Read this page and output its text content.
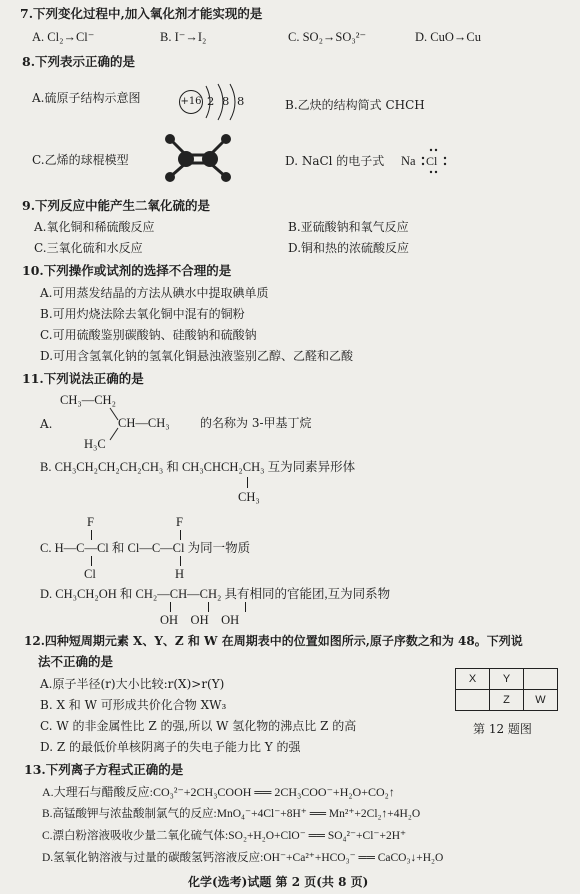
7.下列变化过程中,加入氧化剂才能实现的是
A. Cl₂→Cl⁻	B. I⁻→I₂	C. SO₂→SO₃²⁻	D. CuO→Cu
8.下列表示正确的是
A.硫原子结构示意图	+16 2 8 8	B.乙炔的结构简式 CHCH
C.乙烯的球棍模型	D. NaCl 的电子式 Na Cl
9.下列反应中能产生二氧化硫的是
A.氧化铜和稀硫酸反应	B.亚硫酸钠和氧气反应
C.三氧化硫和水反应	D.铜和热的浓硫酸反应
10.下列操作或试剂的选择不合理的是
A.可用蒸发结晶的方法从碘水中提取碘单质
B.可用灼烧法除去氧化铜中混有的铜粉
C.可用硫酸鉴别碳酸钠、硅酸钠和硫酸钠
D.可用含氢氧化钠的氢氧化铜悬浊液鉴别乙醇、乙醛和乙酸
11.下列说法正确的是
CH₃—CH₂
A.	CH—CH₃
H₃C
的名称为 3-甲基丁烷
B. CH₃CH₂CH₂CH₂CH₃ 和 CH₃CHCH₂CH₃ 互为同素异形体
CH₃
F	F
C. H—C—Cl 和 Cl—C—Cl 为同一物质
Cl	H
D. CH₃CH₂OH 和 CH₂—CH—CH₂ 具有相同的官能团,互为同系物
OH    OH    OH
12.四种短周期元素 X、Y、Z 和 W 在周期表中的位置如图所示,原子序数之和为 48。下列说
法不正确的是
A.原子半径(r)大小比较:r(X)>r(Y)
B. X 和 W 可形成共价化合物 XW₃
C. W 的非金属性比 Z 的强,所以 W 氢化物的沸点比 Z 的高
D. Z 的最低价单核阴离子的失电子能力比 Y 的强
X	Y	
	Z	W
第 12 题图
13.下列离子方程式正确的是
A.大理石与醋酸反应:CO₃²⁻+2CH₃COOH ══ 2CH₃COO⁻+H₂O+CO₂↑
B.高锰酸钾与浓盐酸制氯气的反应:MnO₄⁻+4Cl⁻+8H⁺ ══ Mn²⁺+2Cl₂↑+4H₂O
C.漂白粉溶液吸收少量二氧化硫气体:SO₂+H₂O+ClO⁻ ══ SO₄²⁻+Cl⁻+2H⁺
D.氢氧化钠溶液与过量的碳酸氢钙溶液反应:OH⁻+Ca²⁺+HCO₃⁻ ══ CaCO₃↓+H₂O
化学(选考)试题 第 2 页(共 8 页)
